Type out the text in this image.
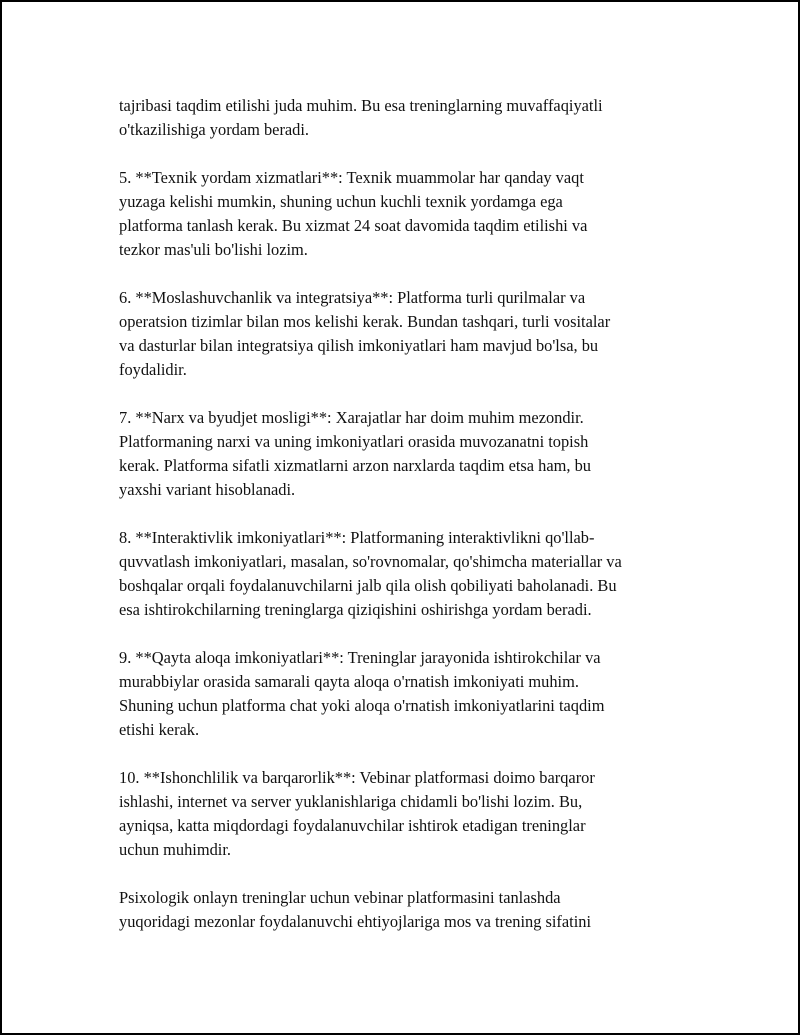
tajribasi taqdim etilishi juda muhim. Bu esa treninglarning muvaffaqiyatli
o'tkazilishiga yordam beradi.

5. **Texnik yordam xizmatlari**: Texnik muammolar har qanday vaqt
yuzaga kelishi mumkin, shuning uchun kuchli texnik yordamga ega
platforma tanlash kerak. Bu xizmat 24 soat davomida taqdim etilishi va
tezkor mas'uli bo'lishi lozim.

6. **Moslashuvchanlik va integratsiya**: Platforma turli qurilmalar va
operatsion tizimlar bilan mos kelishi kerak. Bundan tashqari, turli vositalar
va dasturlar bilan integratsiya qilish imkoniyatlari ham mavjud bo'lsa, bu
foydalidir.

7. **Narx va byudjet mosligi**: Xarajatlar har doim muhim mezondir.
Platformaning narxi va uning imkoniyatlari orasida muvozanatni topish
kerak. Platforma sifatli xizmatlarni arzon narxlarda taqdim etsa ham, bu
yaxshi variant hisoblanadi.

8. **Interaktivlik imkoniyatlari**: Platformaning interaktivlikni qo'llab-
quvvatlash imkoniyatlari, masalan, so'rovnomalar, qo'shimcha materiallar va
boshqalar orqali foydalanuvchilarni jalb qila olish qobiliyati baholanadi. Bu
esa ishtirokchilarning treninglarga qiziqishini oshirishga yordam beradi.

9. **Qayta aloqa imkoniyatlari**: Treninglar jarayonida ishtirokchilar va
murabbiylar orasida samarali qayta aloqa o'rnatish imkoniyati muhim.
Shuning uchun platforma chat yoki aloqa o'rnatish imkoniyatlarini taqdim
etishi kerak.

10. **Ishonchlilik va barqarorlik**: Vebinar platformasi doimo barqaror
ishlashi, internet va server yuklanishlariga chidamli bo'lishi lozim. Bu,
ayniqsa, katta miqdordagi foydalanuvchilar ishtirok etadigan treninglar
uchun muhimdir.

Psixologik onlayn treninglar uchun vebinar platformasini tanlashda
yuqoridagi mezonlar foydalanuvchi ehtiyojlariga mos va trening sifatini
